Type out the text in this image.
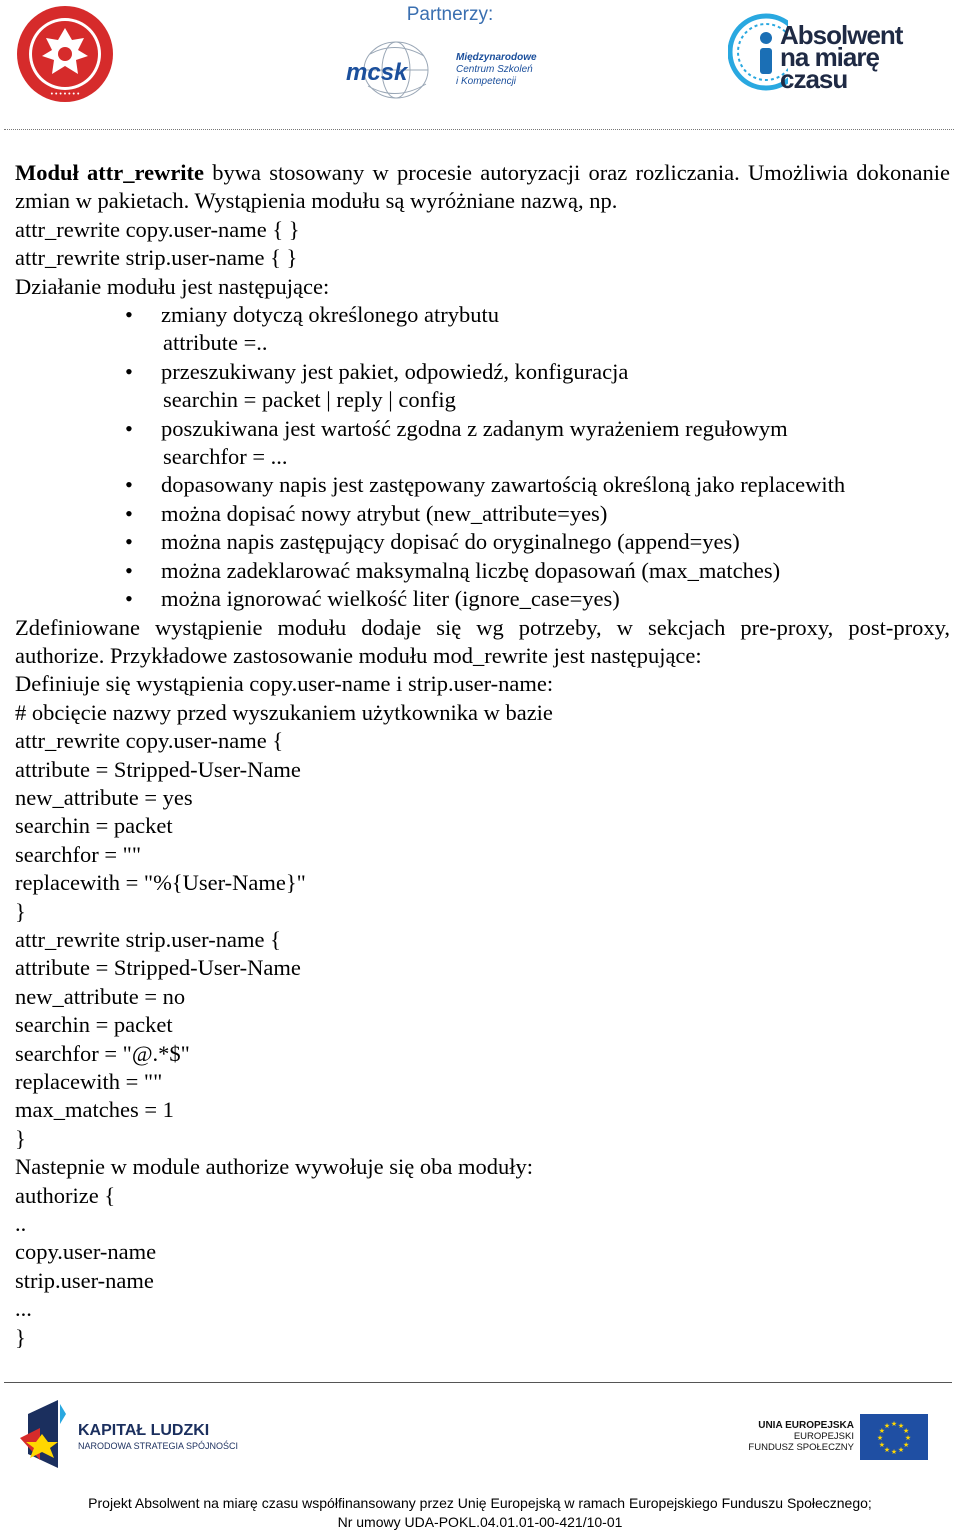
Partnerzy:
• • • • • • •
mcsk
Międzynarodowe
Centrum Szkoleń
i Kompetencji
Absolwent
na miarę
czasu

Moduł attr_rewrite bywa stosowany w procesie autoryzacji oraz rozliczania. Umożliwia dokonanie zmian w pakietach. Wystąpienia modułu są wyróżniane nazwą, np.

attr_rewrite copy.user-name { }

attr_rewrite strip.user-name { }

Działanie modułu jest następujące:

• zmiany dotyczą określonego atrybutu
attribute =..
• przeszukiwany jest pakiet, odpowiedź, konfiguracja
searchin = packet | reply | config
• poszukiwana jest wartość zgodna z zadanym wyrażeniem regułowym
searchfor = ...
• dopasowany napis jest zastępowany zawartością określoną jako replacewith
• można dopisać nowy atrybut (new_attribute=yes)
• można napis zastępujący dopisać do oryginalnego (append=yes)
• można zadeklarować maksymalną liczbę dopasowań (max_matches)
• można ignorować wielkość liter (ignore_case=yes)

Zdefiniowane wystąpienie modułu dodaje się wg potrzeby, w sekcjach pre-proxy, post-proxy, authorize. Przykładowe zastosowanie modułu mod_rewrite jest następujące:

Definiuje się wystąpienia copy.user-name i strip.user-name:

# obcięcie nazwy przed wyszukaniem użytkownika w bazie

attr_rewrite copy.user-name {

attribute = Stripped-User-Name

new_attribute = yes

searchin = packet

searchfor = ""

replacewith = "%{User-Name}"

}

attr_rewrite strip.user-name {

attribute = Stripped-User-Name

new_attribute = no

searchin = packet

searchfor = "@.*$"

replacewith = ""

max_matches = 1

}

Nastepnie w module authorize wywołuje się oba moduły:

authorize {

..

copy.user-name

strip.user-name

...

}

KAPITAŁ LUDZKI
NARODOWA STRATEGIA SPÓJNOŚCI
UNIA EUROPEJSKA
EUROPEJSKI
FUNDUSZ SPOŁECZNY
★
★
★
★
★
★
★
★
★ ★ ★
★
Projekt Absolwent na miarę czasu współfinansowany przez Unię Europejską w ramach Europejskiego Funduszu Społecznego;
Nr umowy UDA-POKL.04.01.01-00-421/10-01
